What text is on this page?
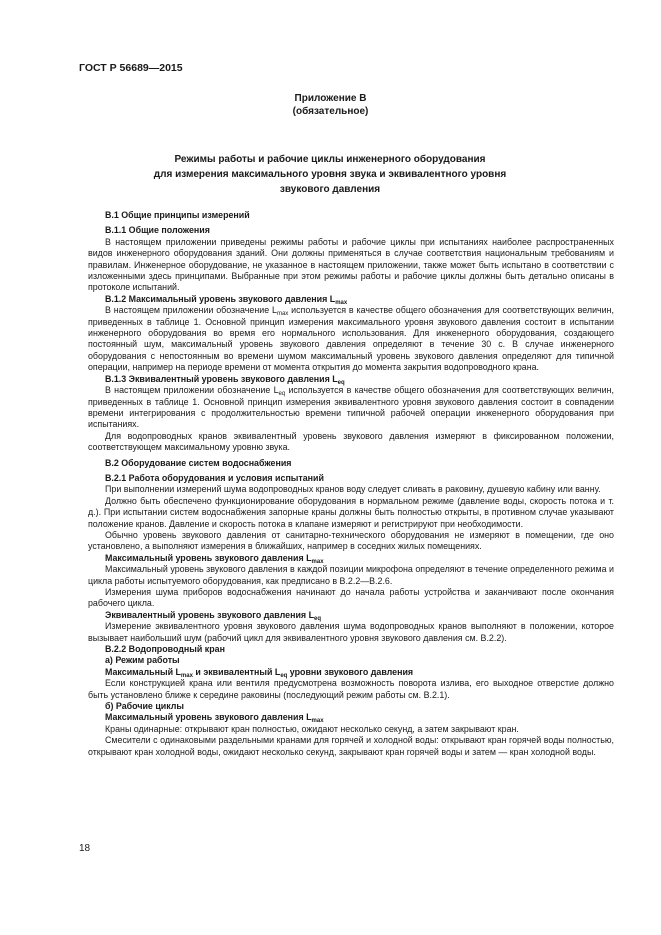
ГОСТ Р 56689—2015
Приложение В
(обязательное)
Режимы работы и рабочие циклы инженерного оборудования
для измерения максимального уровня звука и эквивалентного уровня
звукового давления

В.1 Общие принципы измерений

В.1.1 Общие положения

В настоящем приложении приведены режимы работы и рабочие циклы при испытаниях наиболее распространенных видов инженерного оборудования зданий. Они должны применяться в случае соответствия национальным требованиям и правилам. Инженерное оборудование, не указанное в настоящем приложении, также может быть испытано в соответствии с изложенными здесь принципами. Выбранные при этом режимы работы и рабочие циклы должны быть детально описаны в протоколе испытаний.

В.1.2 Максимальный уровень звукового давления $L_{max}$

В настоящем приложении обозначение $L_{max}$ используется в качестве общего обозначения для соответствующих величин, приведенных в таблице 1. Основной принцип измерения максимального уровня звукового давления состоит в испытании инженерного оборудования во время его нормального использования. Для инженерного оборудования, создающего постоянный шум, максимальный уровень звукового давления определяют в течение 30 с. В случае инженерного оборудования с непостоянным во времени шумом максимальный уровень звукового давления определяют для типичной операции, например на периоде времени от момента открытия до момента закрытия водопроводного крана.

В.1.3 Эквивалентный уровень звукового давления $L_{eq}$

В настоящем приложении обозначение $L_{eq}$ используется в качестве общего обозначения для соответствующих величин, приведенных в таблице 1. Основной принцип измерения эквивалентного уровня звукового давления состоит в совпадении времени интегрирования с продолжительностью времени типичной рабочей операции инженерного оборудования при испытаниях.

Для водопроводных кранов эквивалентный уровень звукового давления измеряют в фиксированном положении, соответствующем максимальному уровню звука.

В.2 Оборудование систем водоснабжения

В.2.1 Работа оборудования и условия испытаний

При выполнении измерений шума водопроводных кранов воду следует сливать в раковину, душевую кабину или ванну.

Должно быть обеспечено функционирование оборудования в нормальном режиме (давление воды, скорость потока и т. д.). При испытании систем водоснабжения запорные краны должны быть полностью открыты, в противном случае указывают положение кранов. Давление и скорость потока в клапане измеряют и регистрируют при необходимости.

Обычно уровень звукового давления от санитарно-технического оборудования не измеряют в помещении, где оно установлено, а выполняют измерения в ближайших, например в соседних жилых помещениях.

Максимальный уровень звукового давления $L_{max}$

Максимальный уровень звукового давления в каждой позиции микрофона определяют в течение определенного режима и цикла работы испытуемого оборудования, как предписано в В.2.2—В.2.6.

Измерения шума приборов водоснабжения начинают до начала работы устройства и заканчивают после окончания рабочего цикла.

Эквивалентный уровень звукового давления $L_{eq}$

Измерение эквивалентного уровня звукового давления шума водопроводных кранов выполняют в положении, которое вызывает наибольший шум (рабочий цикл для эквивалентного уровня звукового давления см. В.2.2).

В.2.2 Водопроводный кран

а) Режим работы

Максимальный $L_{max}$ и эквивалентный $L_{eq}$ уровни звукового давления

Если конструкцией крана или вентиля предусмотрена возможность поворота излива, его выходное отверстие должно быть установлено ближе к середине раковины (последующий режим работы см. В.2.1).

б) Рабочие циклы

Максимальный уровень звукового давления $L_{max}$

Краны одинарные: открывают кран полностью, ожидают несколько секунд, а затем закрывают кран.

Смесители с одинаковыми раздельными кранами для горячей и холодной воды: открывают кран горячей воды полностью, открывают кран холодной воды, ожидают несколько секунд, закрывают кран горячей воды и затем — кран холодной воды.

18
